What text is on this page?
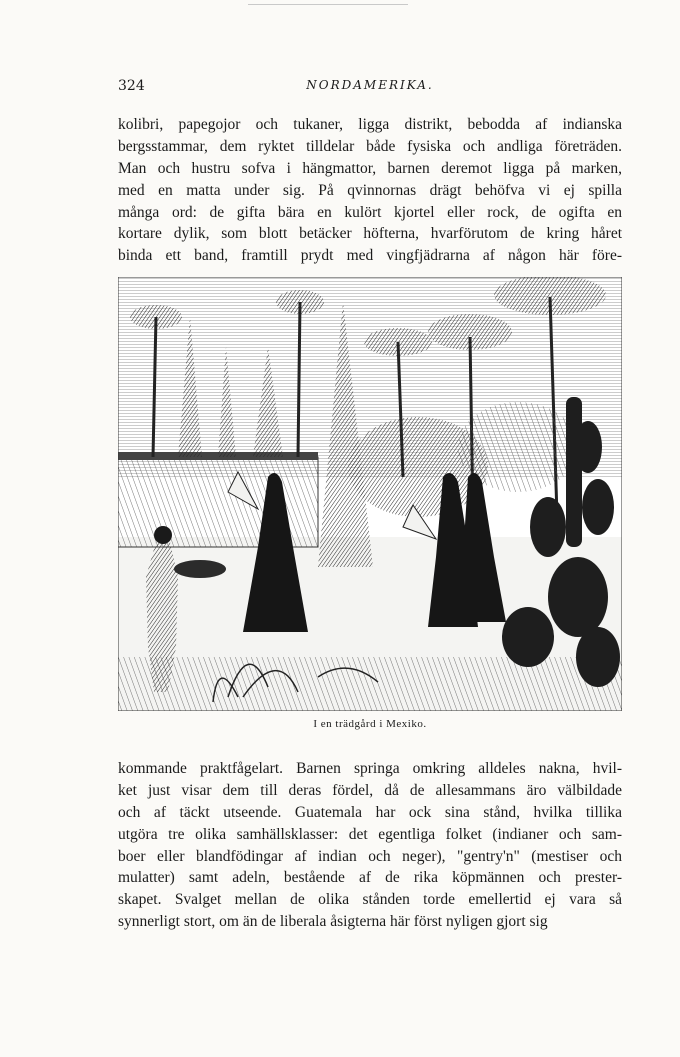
324	NORDAMERIKA.
kolibri, papegojor och tukaner, ligga distrikt, bebodda af indianska
bergsstammar, dem ryktet tilldelar både fysiska och andliga företräden.
Man och hustru sofva i hängmattor, barnen deremot ligga på marken,
med en matta under sig. På qvinnornas drägt behöfva vi ej spilla
många ord: de gifta bära en kulört kjortel eller rock, de ogifta en
kortare dylik, som blott betäcker höfterna, hvarförutom de kring håret
binda ett band, framtill prydt med vingfjädrarna af någon här före-
I en trädgård i Mexiko.
kommande praktfågelart. Barnen springa omkring alldeles nakna, hvil-
ket just visar dem till deras fördel, då de allesammans äro välbildade
och af täckt utseende. Guatemala har ock sina stånd, hvilka tillika
utgöra tre olika samhällsklasser: det egentliga folket (indianer och sam-
boer eller blandfödingar af indian och neger), "gentry'n" (mestiser och
mulatter) samt adeln, bestående af de rika köpmännen och prester-
skapet. Svalget mellan de olika stånden torde emellertid ej vara så
synnerligt stort, om än de liberala åsigterna här först nyligen gjort sig
